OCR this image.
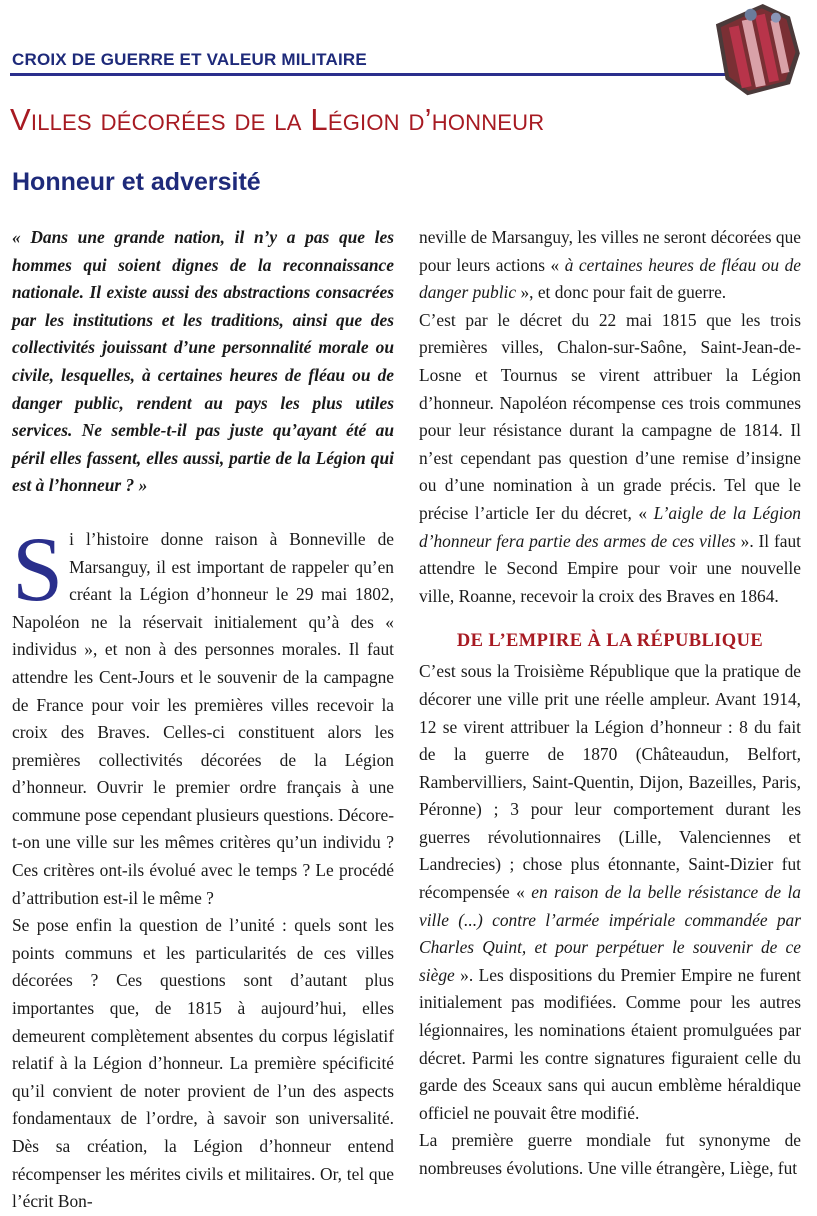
CROIX DE GUERRE ET VALEUR MILITAIRE
Villes décorées de la Légion d’honneur
Honneur et adversité

« Dans une grande nation, il n’y a pas que les hommes qui soient dignes de la reconnaissance nationale. Il existe aussi des abstractions consacrées par les institutions et les traditions, ainsi que des collectivités jouissant d’une personnalité morale ou civile, lesquelles, à certaines heures de fléau ou de danger public, rendent au pays les plus utiles services. Ne semble-t-il pas juste qu’ayant été au péril elles fassent, elles aussi, partie de la Légion qui est à l’honneur ? »

Si l’histoire donne raison à Bonneville de Marsanguy, il est important de rappeler qu’en créant la Légion d’honneur le 29 mai 1802, Napoléon ne la réservait initialement qu’à des « individus », et non à des personnes morales. Il faut attendre les Cent-Jours et le souvenir de la campagne de France pour voir les premières villes recevoir la croix des Braves. Celles-ci constituent alors les premières collectivités décorées de la Légion d’honneur. Ouvrir le premier ordre français à une commune pose cependant plusieurs questions. Décore-t-on une ville sur les mêmes critères qu’un individu ? Ces critères ont-ils évolué avec le temps ? Le procédé d’attribution est-il le même ?

Se pose enfin la question de l’unité : quels sont les points communs et les particularités de ces villes décorées ? Ces questions sont d’autant plus importantes que, de 1815 à aujourd’hui, elles demeurent complètement absentes du corpus législatif relatif à la Légion d’honneur. La première spécificité qu’il convient de noter provient de l’un des aspects fondamentaux de l’ordre, à savoir son universalité. Dès sa création, la Légion d’honneur entend récompenser les mérites civils et militaires. Or, tel que l’écrit Bon-

neville de Marsanguy, les villes ne seront décorées que pour leurs actions « à certaines heures de fléau ou de danger public », et donc pour fait de guerre.

C’est par le décret du 22 mai 1815 que les trois premières villes, Chalon-sur-Saône, Saint-Jean-de-Losne et Tournus se virent attribuer la Légion d’honneur. Napoléon récompense ces trois communes pour leur résistance durant la campagne de 1814. Il n’est cependant pas question d’une remise d’insigne ou d’une nomination à un grade précis. Tel que le précise l’article Ier du décret, « L’aigle de la Légion d’honneur fera partie des armes de ces villes ». Il faut attendre le Second Empire pour voir une nouvelle ville, Roanne, recevoir la croix des Braves en 1864.

DE L’EMPIRE À LA RÉPUBLIQUE

C’est sous la Troisième République que la pratique de décorer une ville prit une réelle ampleur. Avant 1914, 12 se virent attribuer la Légion d’honneur : 8 du fait de la guerre de 1870 (Châteaudun, Belfort, Rambervilliers, Saint-Quentin, Dijon, Bazeilles, Paris, Péronne) ; 3 pour leur comportement durant les guerres révolutionnaires (Lille, Valenciennes et Landrecies) ; chose plus étonnante, Saint-Dizier fut récompensée « en raison de la belle résistance de la ville (...) contre l’armée impériale commandée par Charles Quint, et pour perpétuer le souvenir de ce siège ». Les dispositions du Premier Empire ne furent initialement pas modifiées. Comme pour les autres légionnaires, les nominations étaient promulguées par décret. Parmi les contre signatures figuraient celle du garde des Sceaux sans qui aucun emblème héraldique officiel ne pouvait être modifié.

La première guerre mondiale fut synonyme de nombreuses évolutions. Une ville étrangère, Liège, fut
